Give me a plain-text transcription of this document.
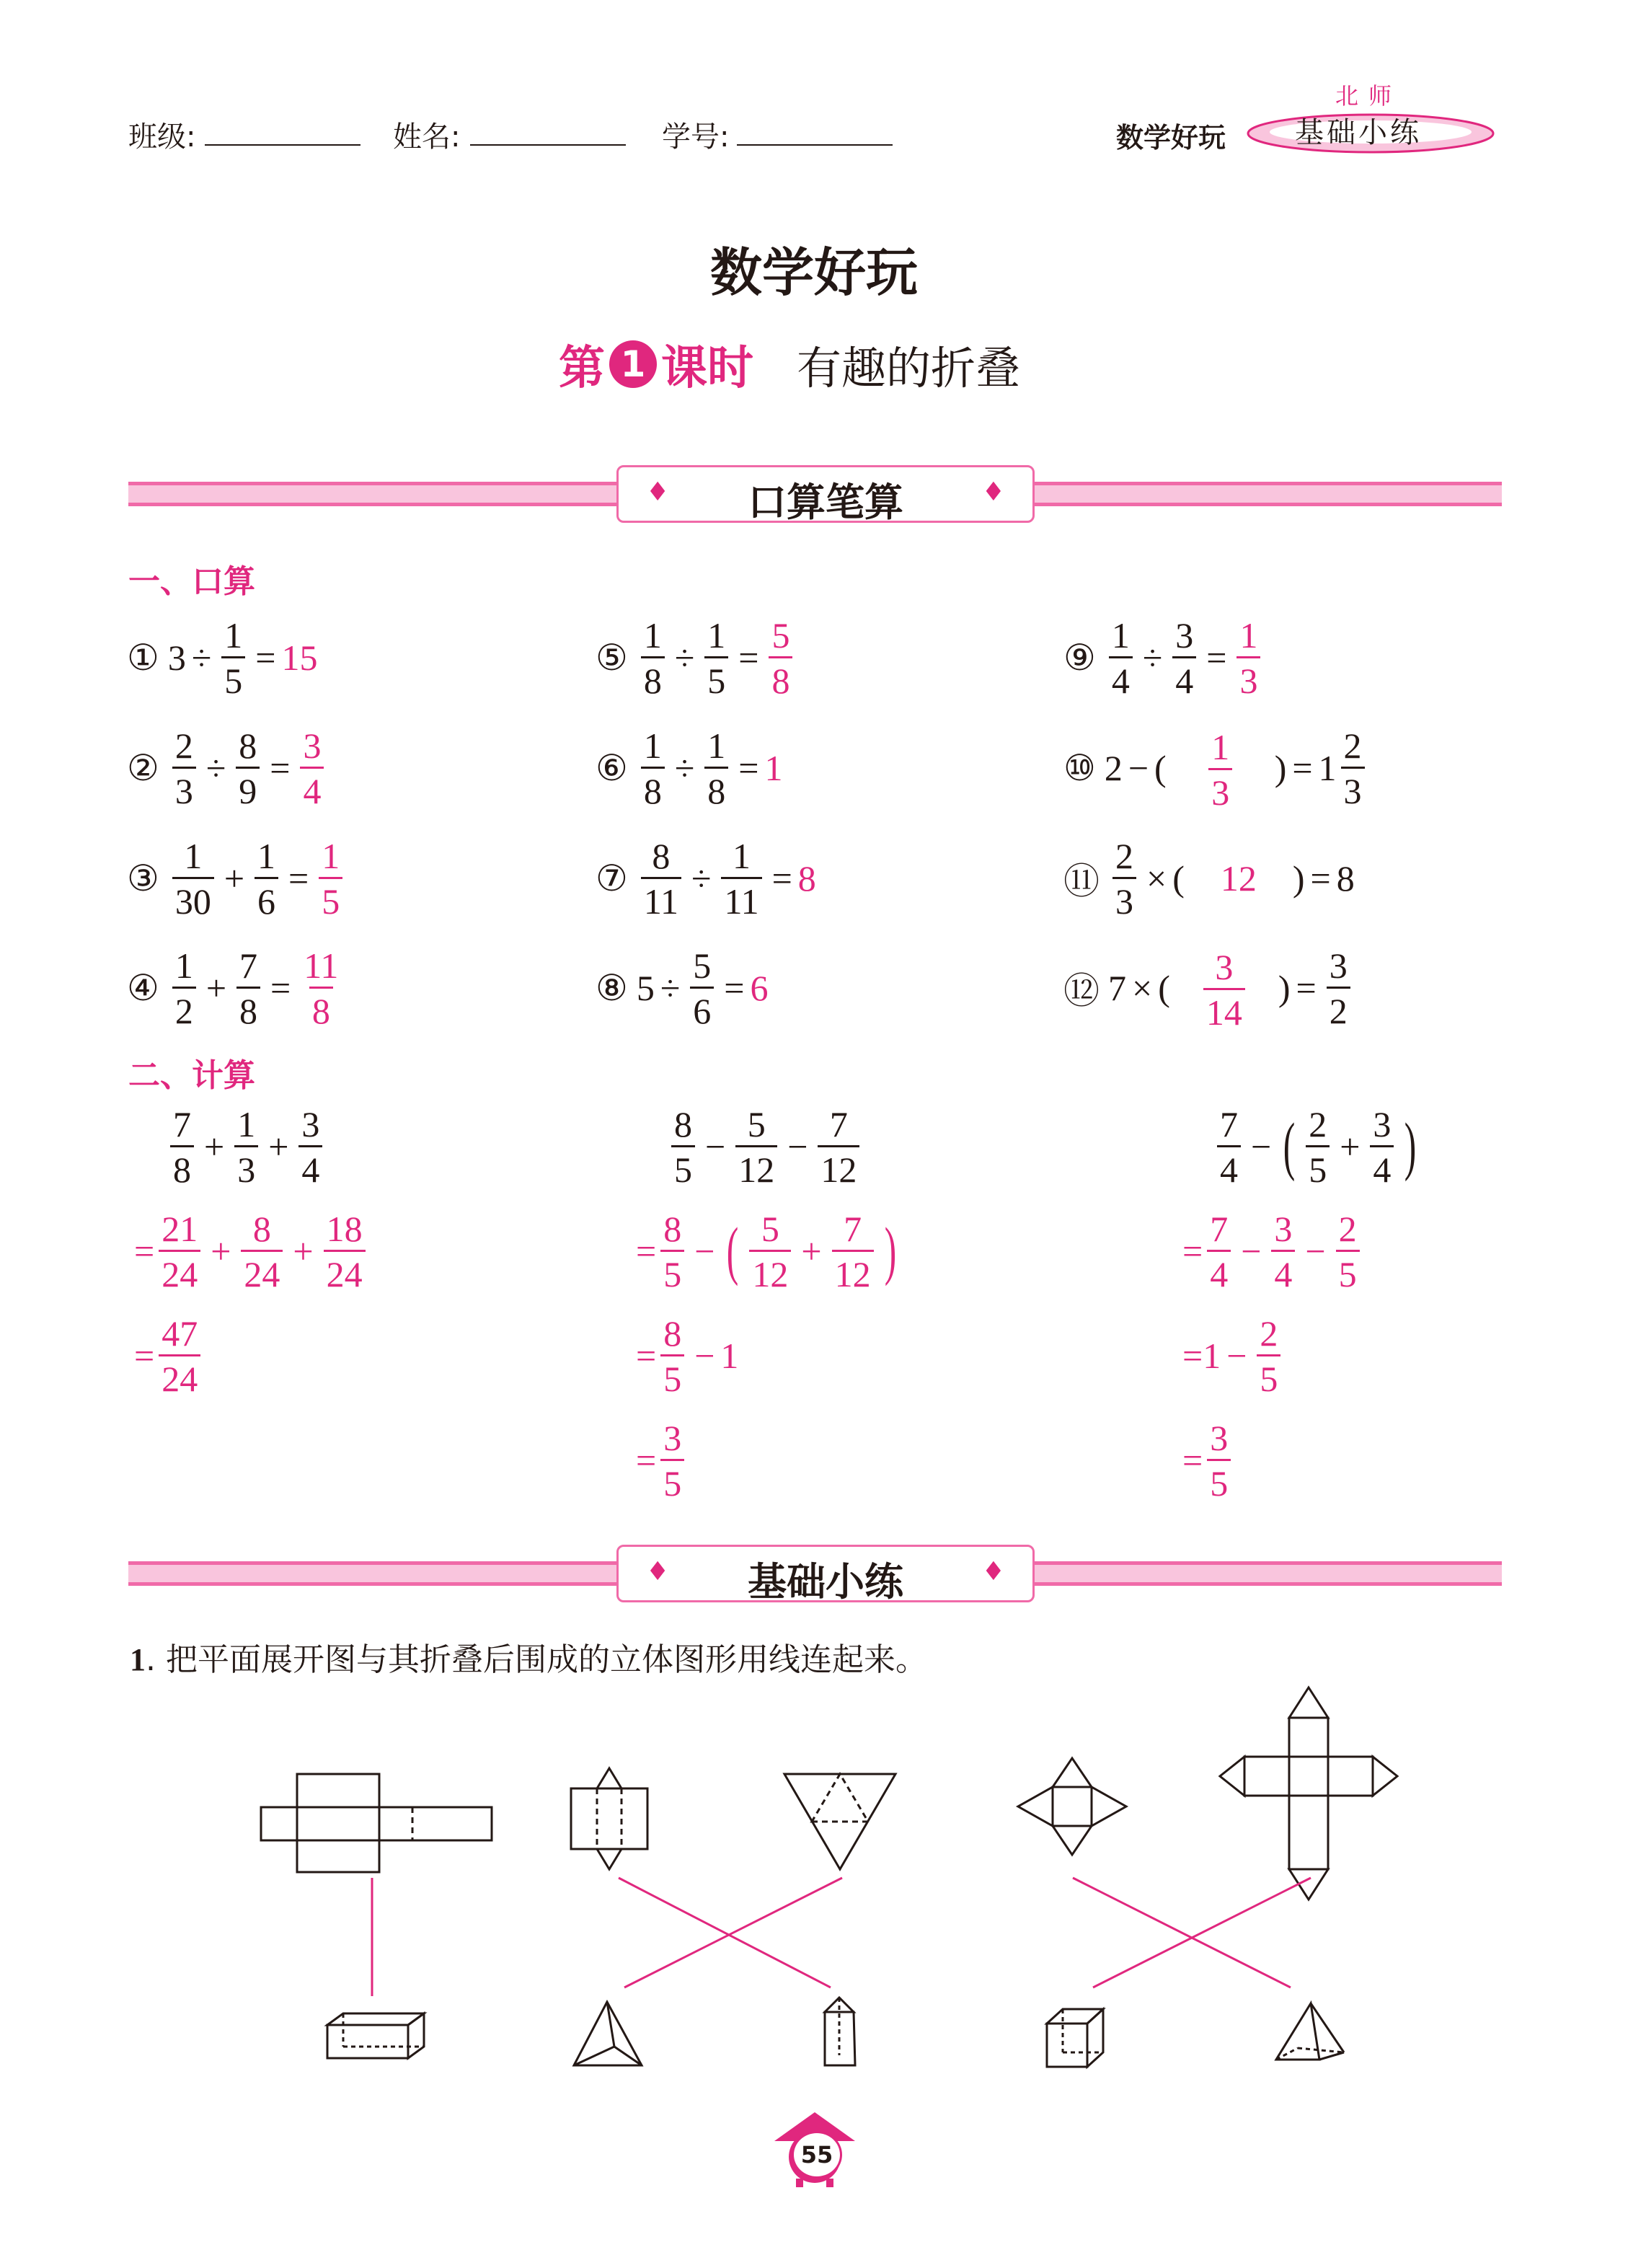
班级:	姓名:	学号:	数学好玩
北师
基础小练
数学好玩
第 1 课时 有趣的折叠
♦	口算笔算	♦
一、口算
① $3 \div \frac{1}{5} = 15$
② $\frac{2}{3} \div \frac{8}{9} = \frac{3}{4}$
③ $\frac{1}{30} + \frac{1}{6} = \frac{1}{5}$
④ $\frac{1}{2} + \frac{7}{8} = \frac{11}{8}$
⑤ $\frac{1}{8} \div \frac{1}{5} = \frac{5}{8}$
⑥ $\frac{1}{8} \div \frac{1}{8} = 1$
⑦ $\frac{8}{11} \div \frac{1}{11} = 8$
⑧ $5 \div \frac{5}{6} = 6$
⑨ $\frac{1}{4} \div \frac{3}{4} = \frac{1}{3}$
⑩ 2 − ( $\frac{1}{3}$ ) = $1 \frac{2}{3}$
⑪ $\frac{2}{3}$ × (	12	) = 8
⑫ 7 × ( $\frac{3}{14}$ ) = $\frac{3}{2}$
二、计算
$\frac{7}{8} + \frac{1}{3} + \frac{3}{4}$
= $\frac{21}{24} + \frac{8}{24} + \frac{18}{24}$
= $\frac{47}{24}$
$\frac{8}{5} - \frac{5}{12} - \frac{7}{12}$
= $\frac{8}{5}$ − ( $\frac{5}{12} + \frac{7}{12}$ )
= $\frac{8}{5} - 1$
= $\frac{3}{5}$
$\frac{7}{4}$ − ( $\frac{2}{5} + \frac{3}{4}$ )
= $\frac{7}{4} - \frac{3}{4} - \frac{2}{5}$
= $1 - \frac{2}{5}$
= $\frac{3}{5}$
♦	基础小练	♦
1. 把平面展开图与其折叠后围成的立体图形用线连起来。
55
